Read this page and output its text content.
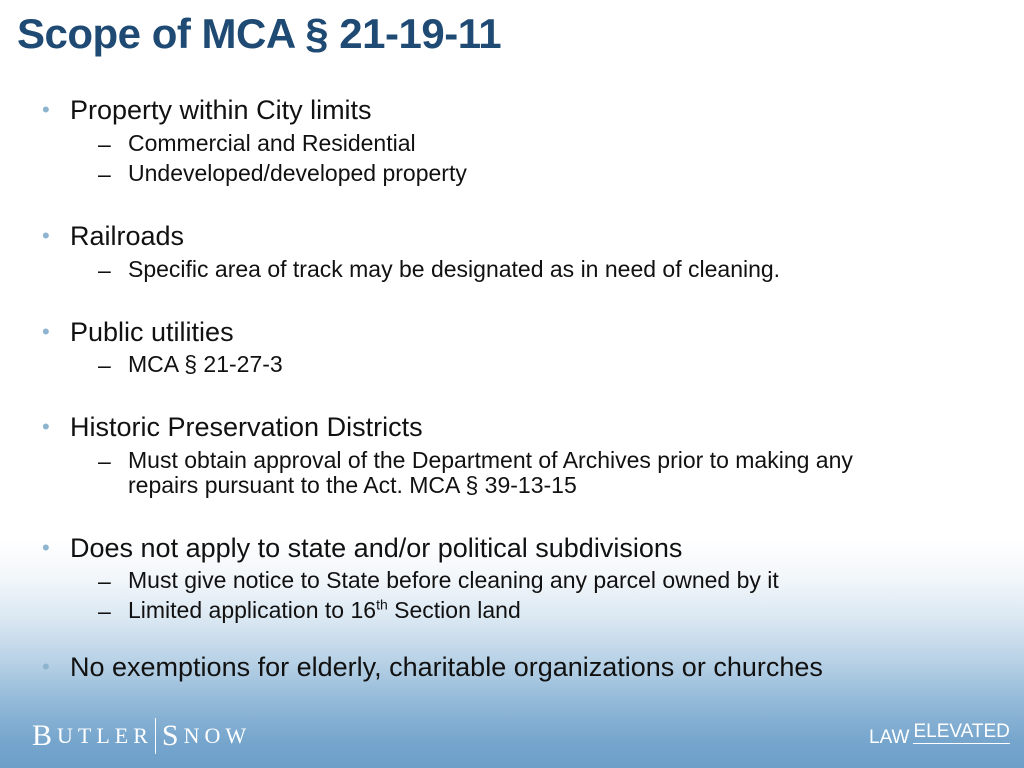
Scope of MCA § 21-19-11
• Property within City limits
– Commercial and Residential
– Undeveloped/developed property
• Railroads
– Specific area of track may be designated as in need of cleaning.
• Public utilities
– MCA § 21-27-3
• Historic Preservation Districts
– Must obtain approval of the Department of Archives prior to making any repairs pursuant to the Act. MCA § 39-13-15
• Does not apply to state and/or political subdivisions
– Must give notice to State before cleaning any parcel owned by it
– Limited application to 16th Section land
• No exemptions for elderly, charitable organizations or churches
B UTLER S NOW	LAW ELEVATED
